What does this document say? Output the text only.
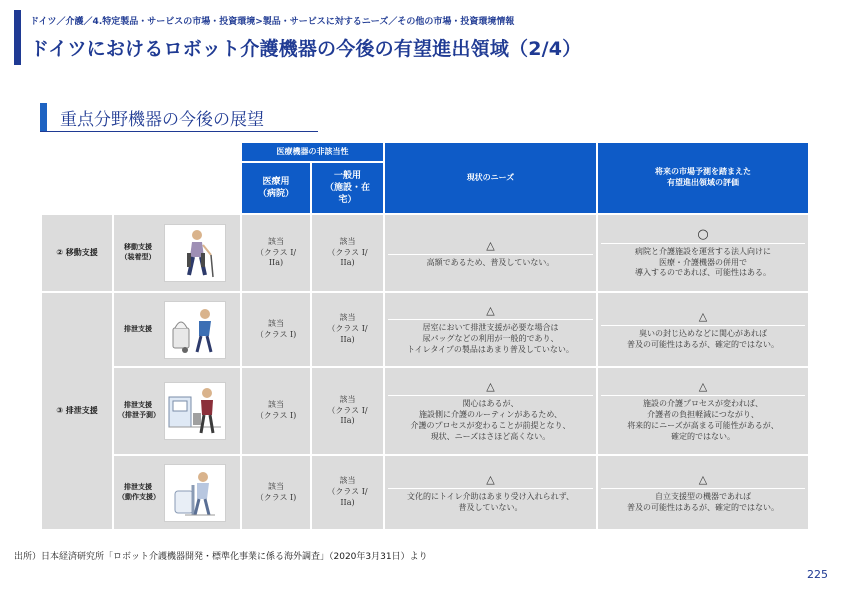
ドイツ／介護／4.特定製品・サービスの市場・投資環境>製品・サービスに対するニーズ／その他の市場・投資環境情報
ドイツにおけるロボット介護機器の今後の有望進出領域（2/4）
重点分野機器の今後の展望
		医療機器の非該当性		現状のニーズ	将来の市場予測を踏まえた
有望進出領域の評価
		医療用
（病院）	一般用
（施設・在
宅）		
② 移動支援	移動支援
（装着型）	該当
（クラス I/
IIa)	該当
（クラス I/
IIa)	△
高額であるため、普及していない。	○
病院と介護施設を運営する法人向けに
医療・介護機器の併用で
導入するのであれば、可能性はある。
③ 排泄支援	排泄支援	該当
（クラス I)	該当
（クラス I/
IIa)	△
居室において排泄支援が必要な場合は
尿パッグなどの利用が一般的であり、
トイレタイプの製品はあまり普及していない。	△
臭いの封じ込めなどに関心があれば
普及の可能性はあるが、確定的ではない。

	排泄支援
（排泄予測）	該当
（クラス I)	該当
（クラス I/
IIa)	△
関心はあるが、
施設側に介護のルーティンがあるため、
介護のプロセスが変わることが前提となり、
現状、ニーズはさほど高くない。	△
施設の介護プロセスが変われば、
介護者の負担軽減につながり、
将来的にニーズが高まる可能性があるが、
確定的ではない。

	排泄支援
（動作支援）	該当
（クラス I)	該当
（クラス I/
IIa)	△
文化的にトイレ介助はあまり受け入れられず、
普及していない。	△
自立支援型の機器であれば
普及の可能性はあるが、確定的ではない。
出所）日本経済研究所「ロボット介護機器開発・標準化事業に係る海外調査」（2020年3月31日）より
225
